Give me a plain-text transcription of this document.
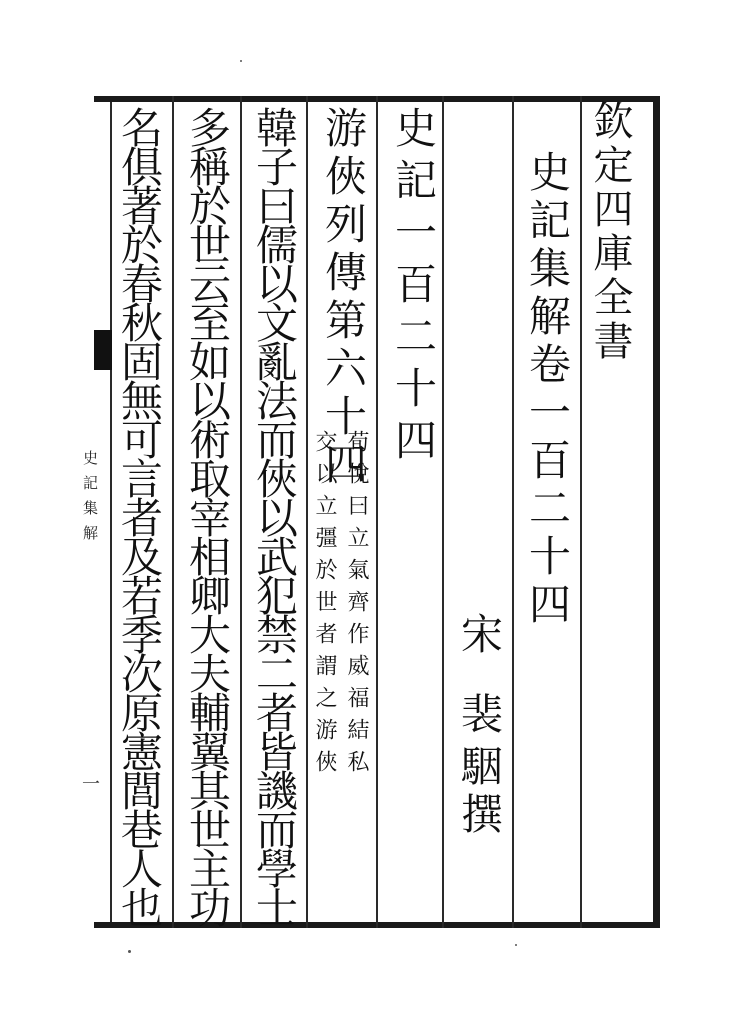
欽定四庫全書
史記集解卷一百二十四
宋
裴駰
撰
史記一百二十四
游俠列傳第六十四
荀悅曰立氣齊作威福結私
交以立彊於世者謂之游俠
韓子曰儒以文亂法而俠以武犯禁二者皆譏而學士
多稱於世云至如以術取宰相卿大夫輔翼其世主功
名俱著於春秋固無可言者及若季次原憲閭巷人也
史記集解
一
